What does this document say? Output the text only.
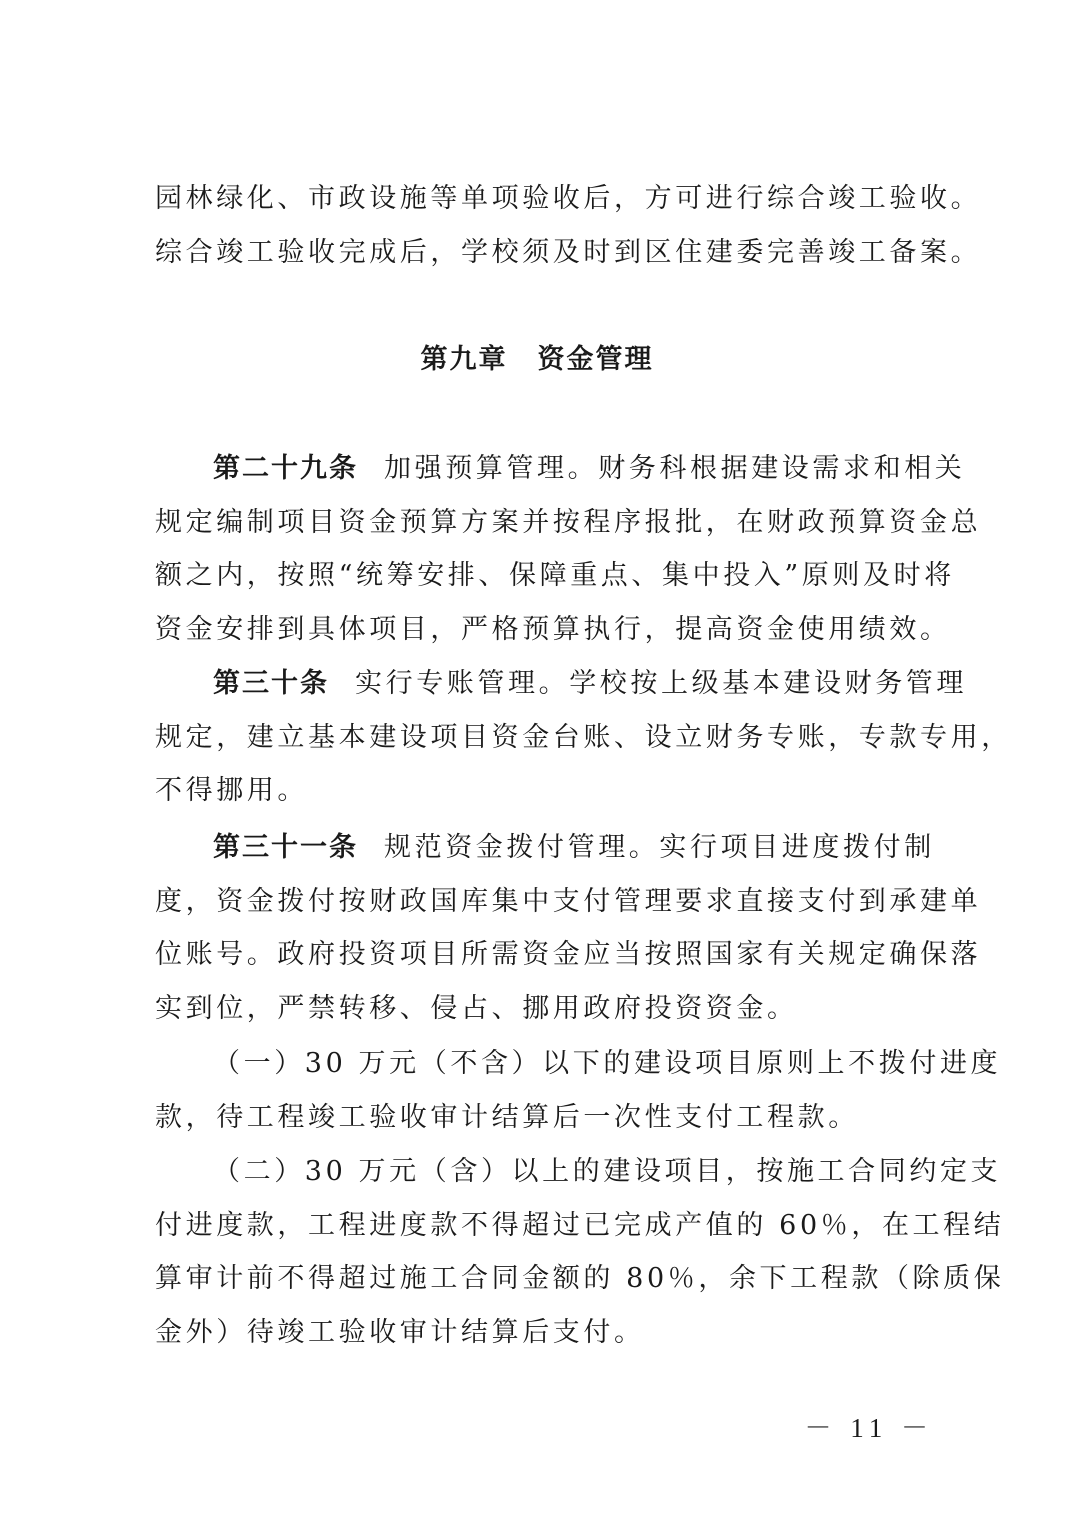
园林绿化、市政设施等单项验收后，方可进行综合竣工验收。
综合竣工验收完成后，学校须及时到区住建委完善竣工备案。
第九章 资金管理
第二十九条 加强预算管理。财务科根据建设需求和相关
规定编制项目资金预算方案并按程序报批，在财政预算资金总
额之内，按照“统筹安排、保障重点、集中投入”原则及时将
资金安排到具体项目，严格预算执行，提高资金使用绩效。
第三十条 实行专账管理。学校按上级基本建设财务管理
规定，建立基本建设项目资金台账、设立财务专账，专款专用，
不得挪用。
第三十一条 规范资金拨付管理。实行项目进度拨付制
度，资金拨付按财政国库集中支付管理要求直接支付到承建单
位账号。政府投资项目所需资金应当按照国家有关规定确保落
实到位，严禁转移、侵占、挪用政府投资资金。
（一）30 万元（不含）以下的建设项目原则上不拨付进度
款，待工程竣工验收审计结算后一次性支付工程款。
（二）30 万元（含）以上的建设项目，按施工合同约定支
付进度款，工程进度款不得超过已完成产值的 60％，在工程结
算审计前不得超过施工合同金额的 80％，余下工程款（除质保
金外）待竣工验收审计结算后支付。
－ 11 －
